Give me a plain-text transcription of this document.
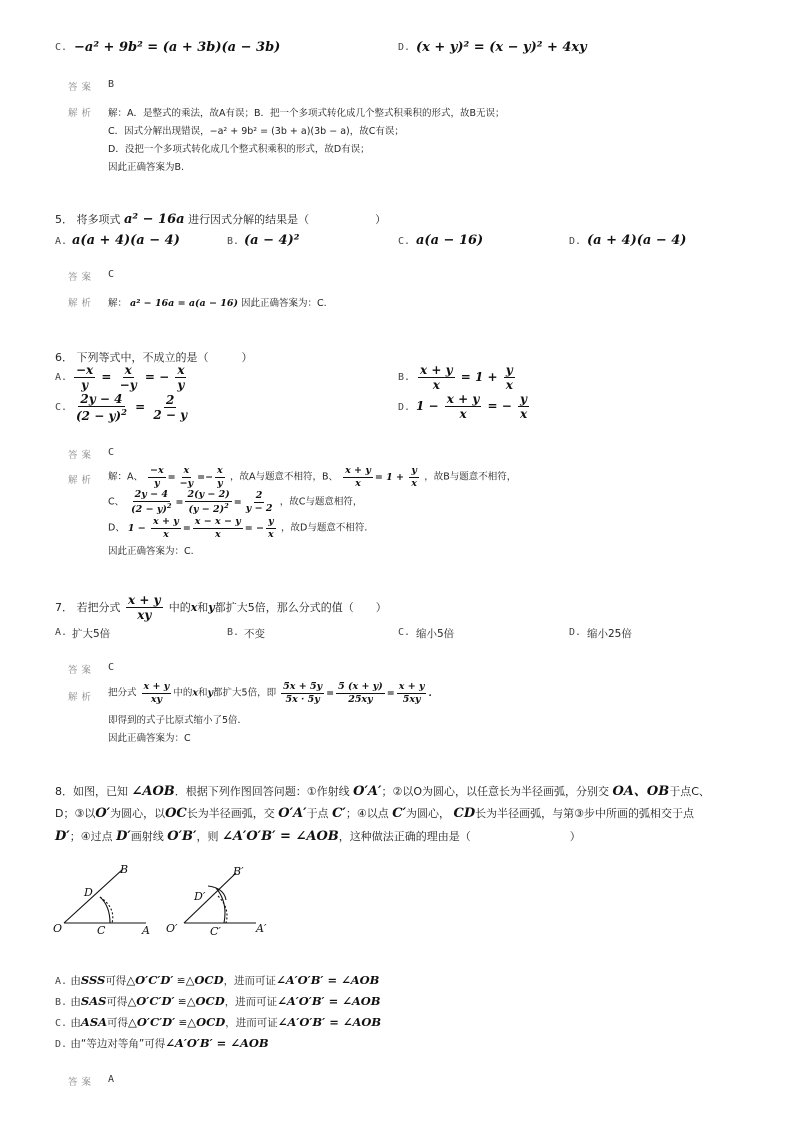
C. −a² + 9b² = (a + 3b)(a − 3b)	D. (x + y)² = (x − y)² + 4xy
答案 B
解析 解：A．是整式的乘法，故A有误；B．把一个多项式转化成几个整式积乘积的形式，故B无误；
C．因式分解出现错误，−a² + 9b² = (3b + a)(3b − a)，故C有误；
D．没把一个多项式转化成几个整式积乘积的形式，故D有误；
因此正确答案为B.
5． 将多项式 a² − 16a 进行因式分解的结果是（　　　　　　）
A. a(a + 4)(a − 4)	B. (a − 4)²	C. a(a − 16)	D. (a + 4)(a − 4)
答案 C
解析 解： a² − 16a = a(a − 16) 因此正确答案为：C.
6． 下列等式中，不成立的是（　　　）
A. $\frac{-x}{y} = \frac{x}{-y}$ = − $\frac{x}{y}$	B. $\frac{x + y}{x} = 1 + \frac{y}{x}$
C. $\frac{2y - 4}{(2 - y)^2} = \frac{2}{2 - y}$	D. $1 - \frac{x + y}{x}$ = − $\frac{y}{x}$
答案 C
解析 解：A、 $\frac{-x}{y} = \frac{x}{-y} =- \frac{x}{y}$ ，故A与题意不相符，B、 $\frac{x + y}{x} = 1 + \frac{y}{x}$ ，故B与题意不相符，
C、 $\frac{2y - 4}{(2 - y)^2} = \frac{2(y - 2)}{(y - 2)^2} = \frac{2}{y - 2}$ ，故C与题意相符，
D、 $1 - \frac{x + y}{x} = \frac{x - x - y}{x}$ = − $\frac{y}{x}$ ，故D与题意不相符．
因此正确答案为：C.
7． 若把分式 $\frac{x + y}{xy}$ 中的x和y都扩大5倍，那么分式的值（　　）
A. 扩大5倍	B. 不变	C. 缩小5倍	D. 缩小25倍
答案 C
解析 把分式 $\frac{x + y}{xy}$ 中的x和y都扩大5倍，即 $\frac{5x + 5y}{5x \cdot 5y} = \frac{5 (x + y)}{25xy} = \frac{x + y}{5xy}$ .
即得到的式子比原式缩小了5倍．
因此正确答案为：C
8．如图，已知 ∠AOB．根据下列作图回答问题：①作射线 O′A′；②以O为圆心，以任意长为半径画弧，分别交 OA、OB于点C、
D；③以O′为圆心，以OC长为半径画弧，交 O′A′于点 C′；④以点 C′为圆心， CD长为半径画弧，与第③步中所画的弧相交于点
D′；④过点 D′画射线 O′B′，则 ∠A′O′B′ = ∠AOB，这种做法正确的理由是（　　　　　　　　　）
O	A
B
C
D
O′	A′
B′
C′
D′
A. 由SSS可得△O′C′D′ ≌△OCD，进而可证∠A′O′B′ = ∠AOB
B. 由SAS可得△O′C′D′ ≌△OCD，进而可证∠A′O′B′ = ∠AOB
C. 由ASA可得△O′C′D′ ≌△OCD，进而可证∠A′O′B′ = ∠AOB
D. 由“等边对等角”可得∠A′O′B′ = ∠AOB
答案 A
